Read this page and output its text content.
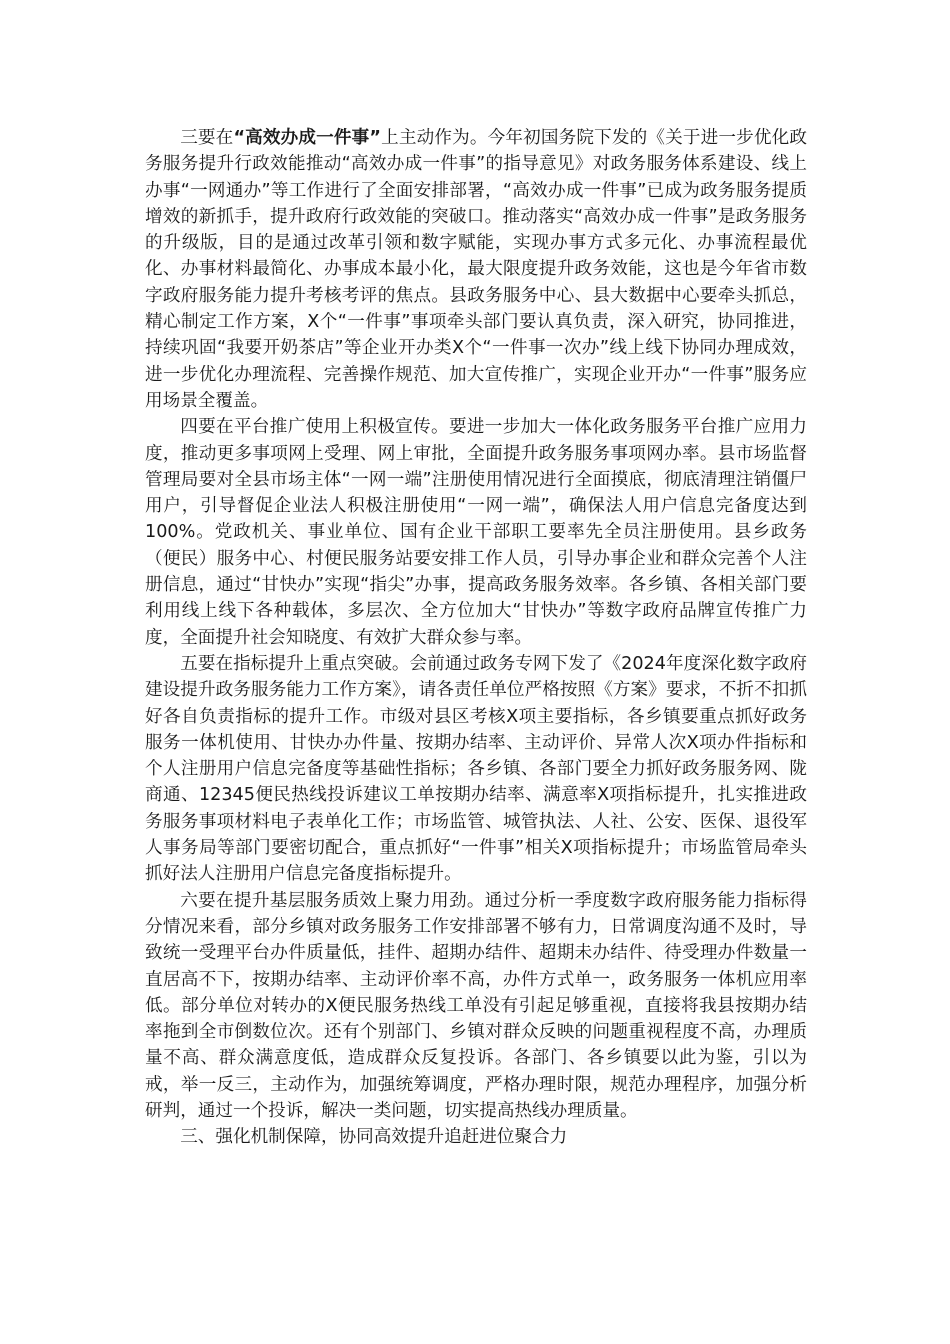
三要在“高效办成一件事”上主动作为。今年初国务院下发的《关于进一步优化政务服务提升行政效能推动“高效办成一件事”的指导意见》对政务服务体系建设、线上办事“一网通办”等工作进行了全面安排部署，“高效办成一件事”已成为政务服务提质增效的新抓手，提升政府行政效能的突破口。推动落实“高效办成一件事”是政务服务的升级版，目的是通过改革引领和数字赋能，实现办事方式多元化、办事流程最优化、办事材料最简化、办事成本最小化，最大限度提升政务效能，这也是今年省市数字政府服务能力提升考核考评的焦点。县政务服务中心、县大数据中心要牵头抓总，精心制定工作方案，X个“一件事”事项牵头部门要认真负责，深入研究，协同推进，持续巩固“我要开奶茶店”等企业开办类X个“一件事一次办”线上线下协同办理成效，进一步优化办理流程、完善操作规范、加大宣传推广，实现企业开办“一件事”服务应用场景全覆盖。

四要在平台推广使用上积极宣传。要进一步加大一体化政务服务平台推广应用力度，推动更多事项网上受理、网上审批，全面提升政务服务事项网办率。县市场监督管理局要对全县市场主体“一网一端”注册使用情况进行全面摸底，彻底清理注销僵尸用户，引导督促企业法人积极注册使用“一网一端”，确保法人用户信息完备度达到100%。党政机关、事业单位、国有企业干部职工要率先全员注册使用。县乡政务（便民）服务中心、村便民服务站要安排工作人员，引导办事企业和群众完善个人注册信息，通过“甘快办”实现“指尖”办事，提高政务服务效率。各乡镇、各相关部门要利用线上线下各种载体，多层次、全方位加大“甘快办”等数字政府品牌宣传推广力度，全面提升社会知晓度、有效扩大群众参与率。

五要在指标提升上重点突破。会前通过政务专网下发了《2024年度深化数字政府建设提升政务服务能力工作方案》，请各责任单位严格按照《方案》要求，不折不扣抓好各自负责指标的提升工作。市级对县区考核X项主要指标，各乡镇要重点抓好政务服务一体机使用、甘快办办件量、按期办结率、主动评价、异常人次X项办件指标和个人注册用户信息完备度等基础性指标；各乡镇、各部门要全力抓好政务服务网、陇商通、12345便民热线投诉建议工单按期办结率、满意率X项指标提升，扎实推进政务服务事项材料电子表单化工作；市场监管、城管执法、人社、公安、医保、退役军人事务局等部门要密切配合，重点抓好“一件事”相关X项指标提升；市场监管局牵头抓好法人注册用户信息完备度指标提升。

六要在提升基层服务质效上聚力用劲。通过分析一季度数字政府服务能力指标得分情况来看，部分乡镇对政务服务工作安排部署不够有力，日常调度沟通不及时，导致统一受理平台办件质量低，挂件、超期办结件、超期未办结件、待受理办件数量一直居高不下，按期办结率、主动评价率不高，办件方式单一，政务服务一体机应用率低。部分单位对转办的X便民服务热线工单没有引起足够重视，直接将我县按期办结率拖到全市倒数位次。还有个别部门、乡镇对群众反映的问题重视程度不高，办理质量不高、群众满意度低，造成群众反复投诉。各部门、各乡镇要以此为鉴，引以为戒，举一反三，主动作为，加强统筹调度，严格办理时限，规范办理程序，加强分析研判，通过一个投诉，解决一类问题，切实提高热线办理质量。

三、强化机制保障，协同高效提升追赶进位聚合力
